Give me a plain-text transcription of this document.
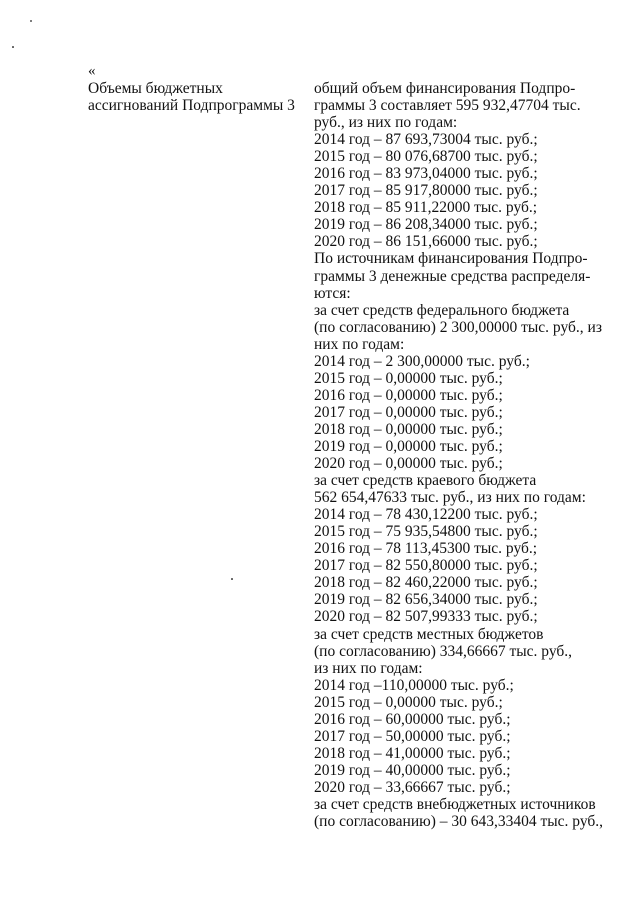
«
Объемы бюджетных
ассигнований Подпрограммы 3
общий объем финансирования Подпро-
граммы 3 составляет 595 932,47704 тыс.
руб., из них по годам:
2014 год – 87 693,73004 тыс. руб.;
2015 год – 80 076,68700 тыс. руб.;
2016 год – 83 973,04000 тыс. руб.;
2017 год – 85 917,80000 тыс. руб.;
2018 год – 85 911,22000 тыс. руб.;
2019 год – 86 208,34000 тыс. руб.;
2020 год – 86 151,66000 тыс. руб.;
По источникам финансирования Подпро-
граммы 3 денежные средства распределя-
ются:
за счет средств федерального бюджета
(по согласованию) 2 300,00000 тыс. руб., из
них по годам:
2014 год – 2 300,00000 тыс. руб.;
2015 год – 0,00000 тыс. руб.;
2016 год – 0,00000 тыс. руб.;
2017 год – 0,00000 тыс. руб.;
2018 год – 0,00000 тыс. руб.;
2019 год – 0,00000 тыс. руб.;
2020 год – 0,00000 тыс. руб.;
за счет средств краевого бюджета
562 654,47633 тыс. руб., из них по годам:
2014 год – 78 430,12200 тыс. руб.;
2015 год – 75 935,54800 тыс. руб.;
2016 год – 78 113,45300 тыс. руб.;
2017 год – 82 550,80000 тыс. руб.;
2018 год – 82 460,22000 тыс. руб.;
2019 год – 82 656,34000 тыс. руб.;
2020 год – 82 507,99333 тыс. руб.;
за счет средств местных бюджетов
(по согласованию) 334,66667 тыс. руб.,
из них по годам:
2014 год –110,00000 тыс. руб.;
2015 год – 0,00000 тыс. руб.;
2016 год – 60,00000 тыс. руб.;
2017 год – 50,00000 тыс. руб.;
2018 год – 41,00000 тыс. руб.;
2019 год – 40,00000 тыс. руб.;
2020 год – 33,66667 тыс. руб.;
за счет средств внебюджетных источников
(по согласованию) – 30 643,33404 тыс. руб.,
